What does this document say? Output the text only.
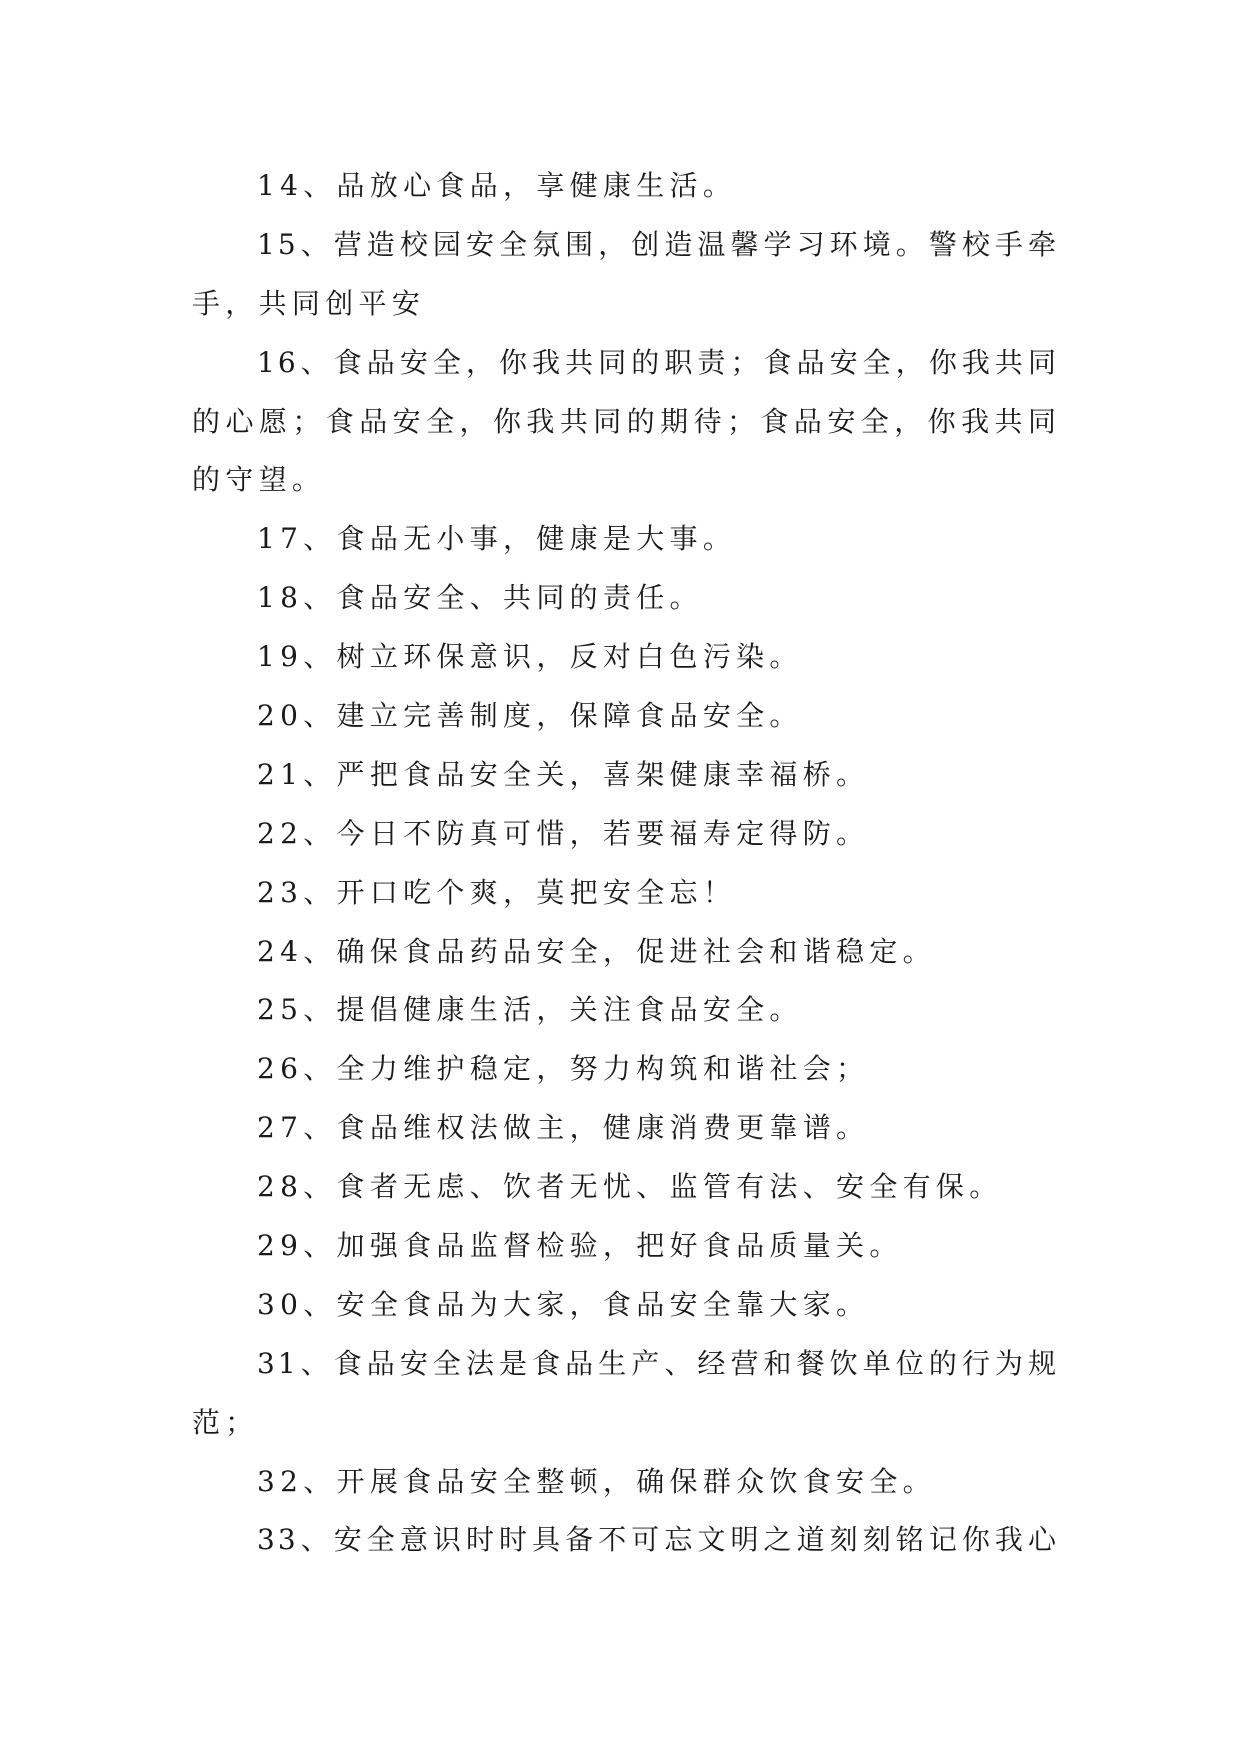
14、品放心食品，享健康生活。
15、营造校园安全氛围，创造温馨学习环境。警校手牵
手，共同创平安
16、食品安全，你我共同的职责；食品安全，你我共同
的心愿；食品安全，你我共同的期待；食品安全，你我共同
的守望。
17、食品无小事，健康是大事。
18、食品安全、共同的责任。
19、树立环保意识，反对白色污染。
20、建立完善制度，保障食品安全。
21、严把食品安全关，喜架健康幸福桥。
22、今日不防真可惜，若要福寿定得防。
23、开口吃个爽，莫把安全忘！
24、确保食品药品安全，促进社会和谐稳定。
25、提倡健康生活，关注食品安全。
26、全力维护稳定，努力构筑和谐社会；
27、食品维权法做主，健康消费更靠谱。
28、食者无虑、饮者无忧、监管有法、安全有保。
29、加强食品监督检验，把好食品质量关。
30、安全食品为大家，食品安全靠大家。
31、食品安全法是食品生产、经营和餐饮单位的行为规
范；
32、开展食品安全整顿，确保群众饮食安全。
33、安全意识时时具备不可忘文明之道刻刻铭记你我心
